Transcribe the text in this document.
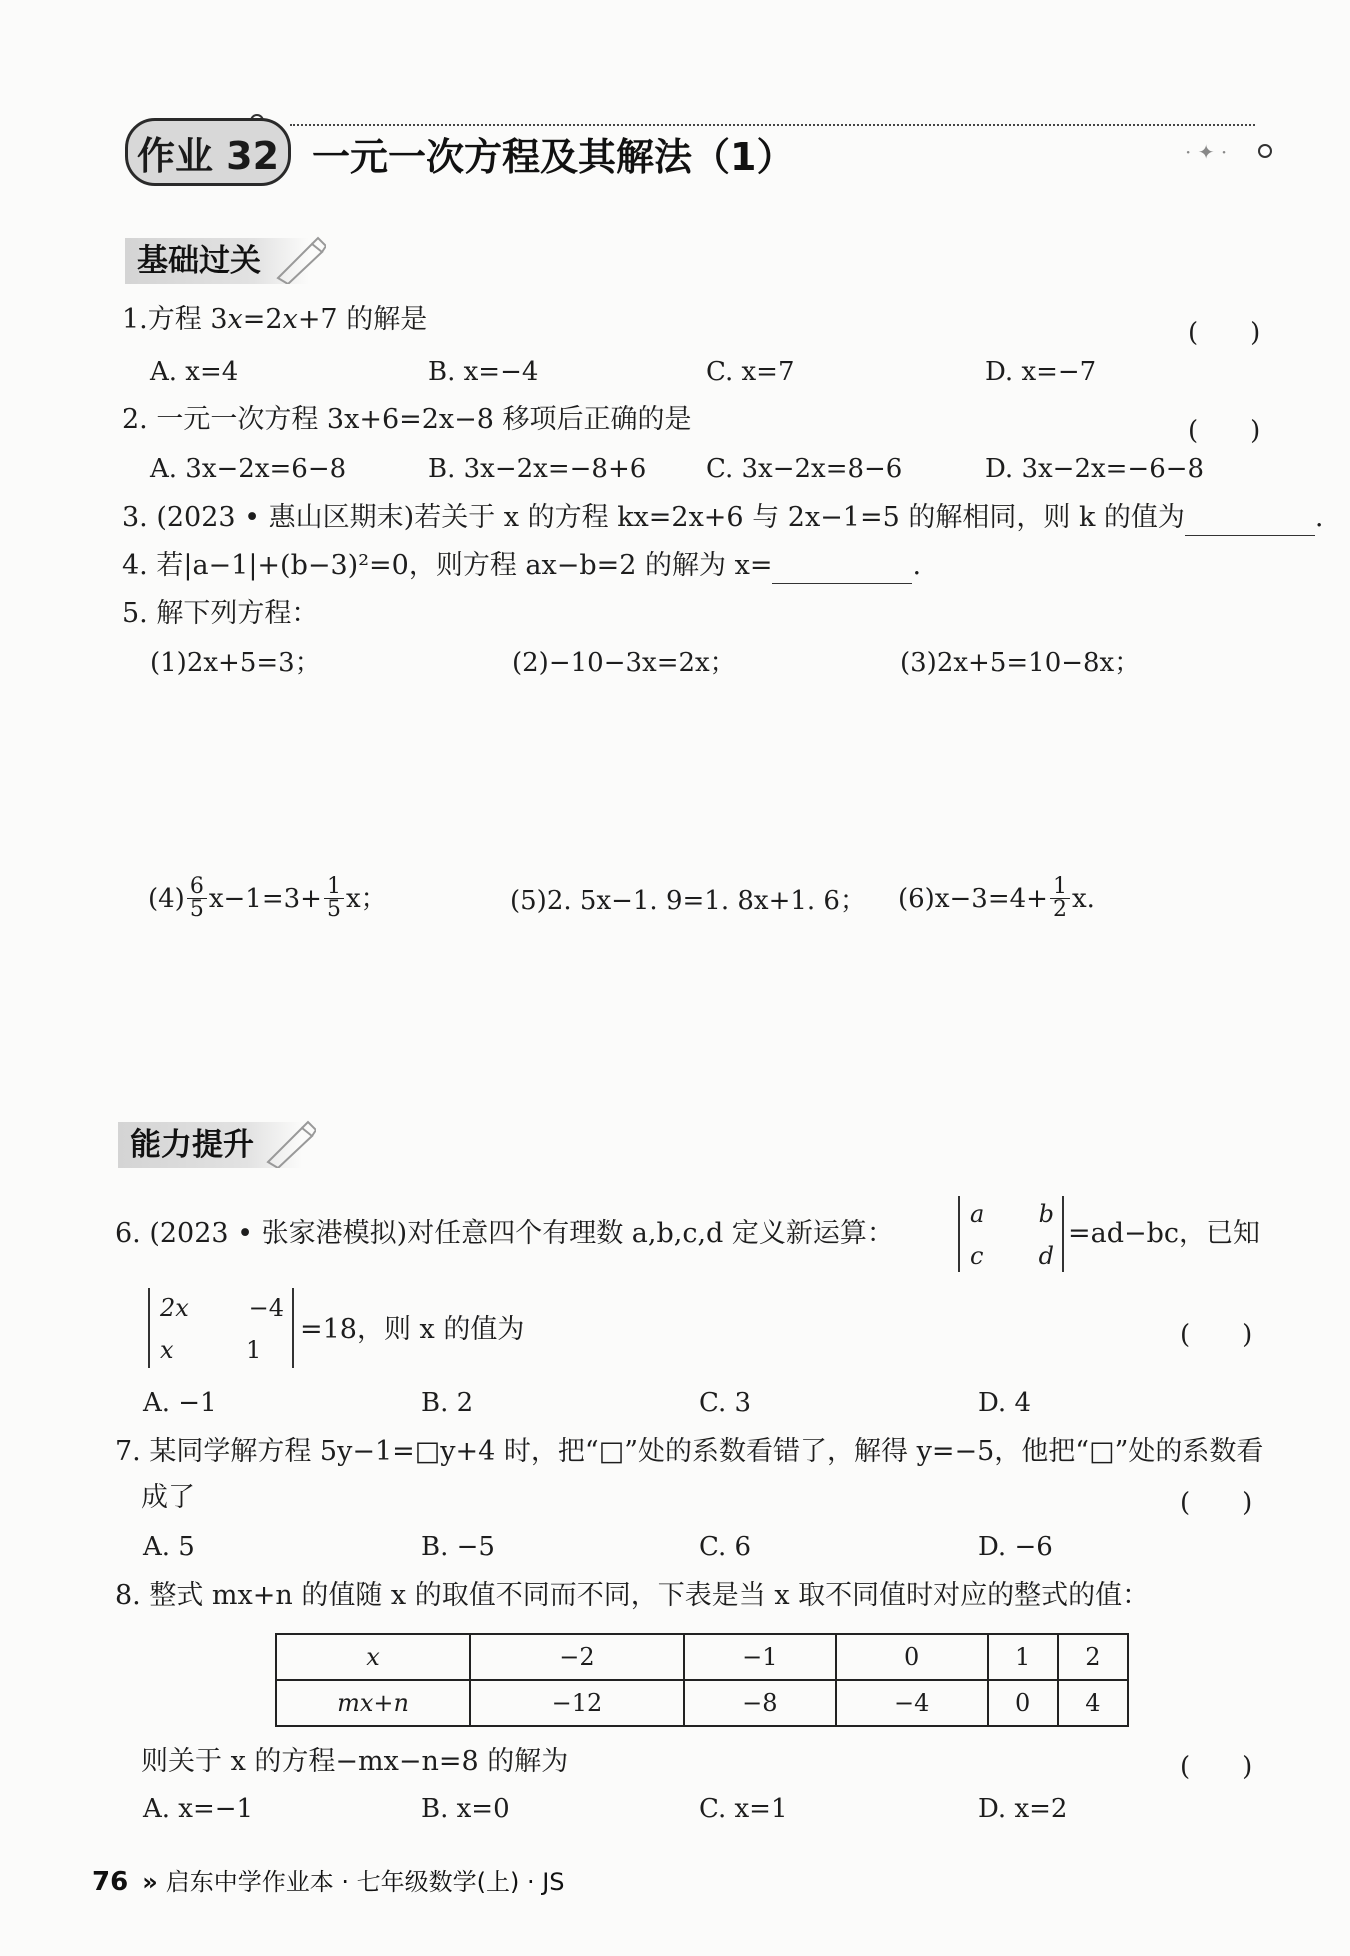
· ✦ ·
作业 32 一元一次方程及其解法（1）
基础过关
1.方程 3x=2x+7 的解是	(　　)
A. x=4	B. x=−4	C. x=7	D. x=−7
2. 一元一次方程 3x+6=2x−8 移项后正确的是	(　　)
A. 3x−2x=6−8	B. 3x−2x=−8+6 C. 3x−2x=8−6	D. 3x−2x=−6−8
3. (2023 • 惠山区期末)若关于 x 的方程 kx=2x+6 与 2x−1=5 的解相同，则 k 的值为	.
4. 若|a−1|+(b−3)²=0，则方程 ax−b=2 的解为 x=	.
5. 解下列方程：
(1)2x+5=3；	(2)−10−3x=2x；	(3)2x+5=10−8x；
$(4) \frac{6}{5} x-1=3+ \frac{1}{5}$ x；	(5)2. 5x−1. 9=1. 8x+1. 6； $(6)x-3=4+ \frac{1}{2} x$.
能力提升
6. (2023 • 张家港模拟)对任意四个有理数 a,b,c,d 定义新运算：
a b
c d
=ad−bc，已知
2x −4
x	1
=18，则 x 的值为	(　　)
A. −1	B. 2	C. 3	D. 4
7. 某同学解方程 5y−1=□y+4 时，把“□”处的系数看错了，解得 y=−5，他把“□”处的系数看
成了	(　　)
A. 5	B. −5	C. 6	D. −6
8. 整式 mx+n 的值随 x 的取值不同而不同，下表是当 x 取不同值时对应的整式的值：
x	−2	−1	0	1	2
mx+n	−12	−8	−4	0	4
则关于 x 的方程−mx−n=8 的解为	(　　)
A. x=−1	B. x=0	C. x=1	D. x=2
76 » 启东中学作业本 · 七年级数学(上) · JS
